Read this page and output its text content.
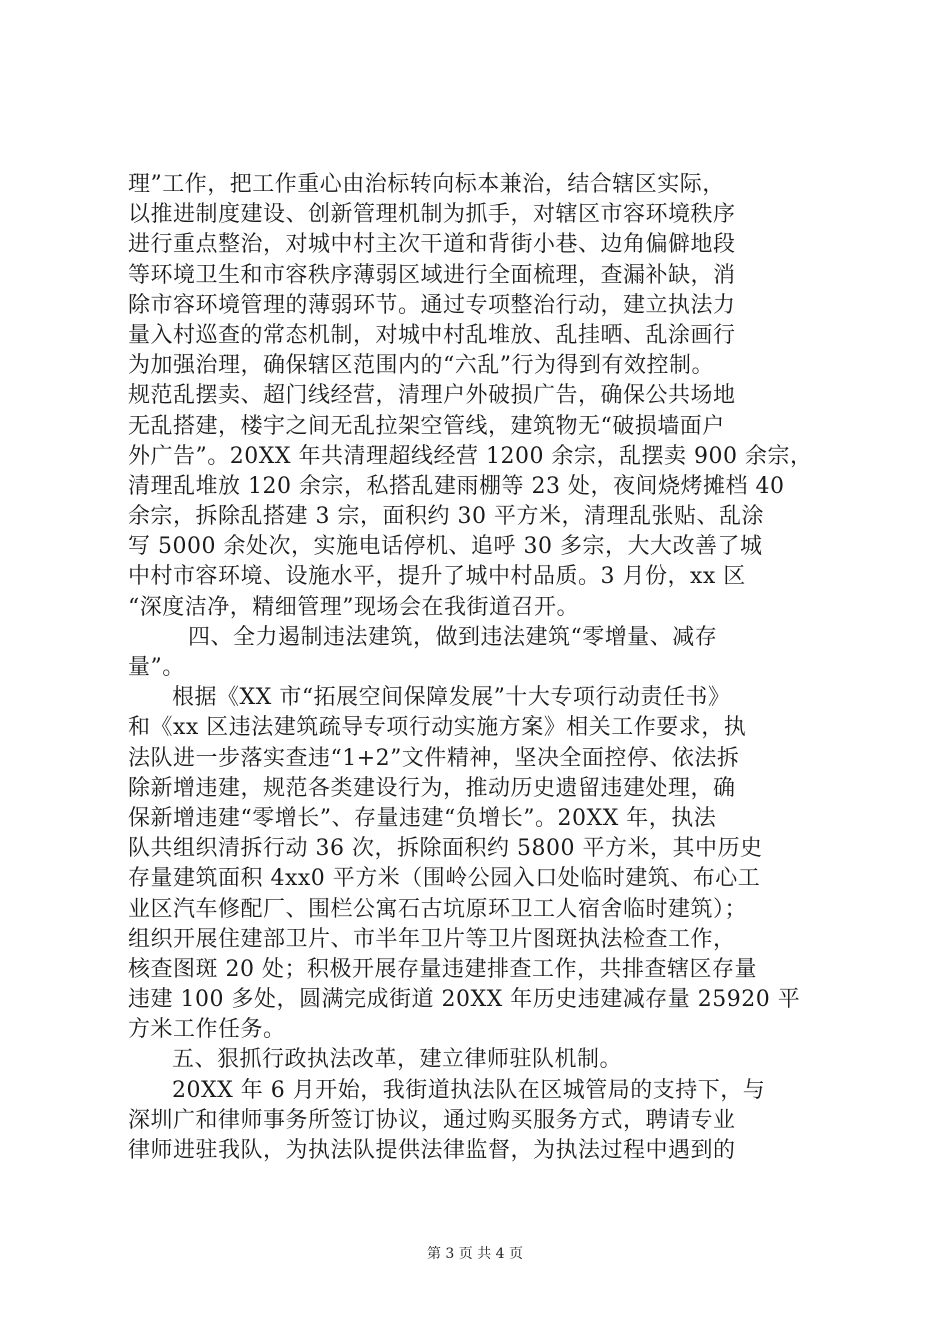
理”工作，把工作重心由治标转向标本兼治，结合辖区实际，
以推进制度建设、创新管理机制为抓手，对辖区市容环境秩序
进行重点整治，对城中村主次干道和背街小巷、边角偏僻地段
等环境卫生和市容秩序薄弱区域进行全面梳理，查漏补缺，消
除市容环境管理的薄弱环节。通过专项整治行动，建立执法力
量入村巡查的常态机制，对城中村乱堆放、乱挂晒、乱涂画行
为加强治理，确保辖区范围内的“六乱”行为得到有效控制。
规范乱摆卖、超门线经营，清理户外破损广告，确保公共场地
无乱搭建，楼宇之间无乱拉架空管线，建筑物无“破损墙面户
外广告”。20XX 年共清理超线经营 1200 余宗，乱摆卖 900 余宗，
清理乱堆放 120 余宗，私搭乱建雨棚等 23 处，夜间烧烤摊档 40
余宗，拆除乱搭建 3 宗，面积约 30 平方米，清理乱张贴、乱涂
写 5000 余处次，实施电话停机、追呼 30 多宗，大大改善了城
中村市容环境、设施水平，提升了城中村品质。3 月份，xx 区
“深度洁净，精细管理”现场会在我街道召开。
四、全力遏制违法建筑，做到违法建筑“零增量、减存
量”。
根据《XX 市“拓展空间保障发展”十大专项行动责任书》
和《xx 区违法建筑疏导专项行动实施方案》相关工作要求，执
法队进一步落实查违“1+2”文件精神，坚决全面控停、依法拆
除新增违建，规范各类建设行为，推动历史遗留违建处理，确
保新增违建“零增长”、存量违建“负增长”。20XX 年，执法
队共组织清拆行动 36 次，拆除面积约 5800 平方米，其中历史
存量建筑面积 4xx0 平方米（围岭公园入口处临时建筑、布心工
业区汽车修配厂、围栏公寓石古坑原环卫工人宿舍临时建筑）；
组织开展住建部卫片、市半年卫片等卫片图斑执法检查工作，
核查图斑 20 处；积极开展存量违建排查工作，共排查辖区存量
违建 100 多处，圆满完成街道 20XX 年历史违建减存量 25920 平
方米工作任务。
五、狠抓行政执法改革，建立律师驻队机制。
20XX 年 6 月开始，我街道执法队在区城管局的支持下，与
深圳广和律师事务所签订协议，通过购买服务方式，聘请专业
律师进驻我队，为执法队提供法律监督，为执法过程中遇到的
第 3 页 共 4 页
